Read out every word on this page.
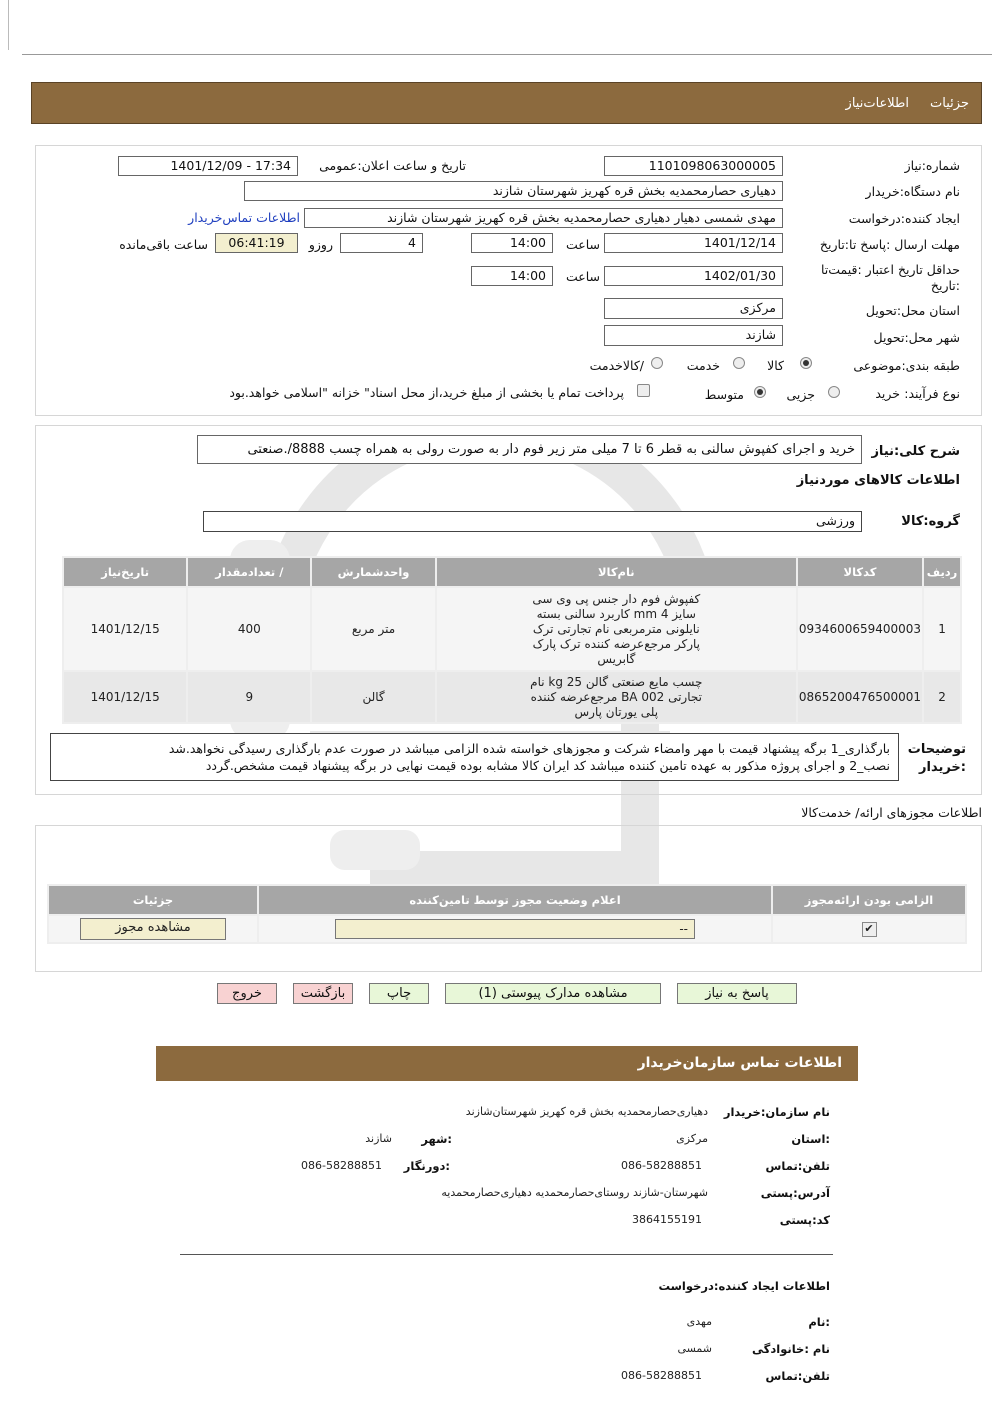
جزئیات
اطلاعات‌نیاز
شماره:نیاز
1101098063000005
تاریخ و ساعت اعلان:عمومی
1401/12/09 - 17:34
نام دستگاه:خریدار
دهیاری حصارمحمدیه بخش قره کهریز شهرستان شازند
ایجاد کننده:درخواست
مهدی شمسی دهیار دهیاری حصارمحمدیه بخش قره کهریز شهرستان شازند
اطلاعات تماس‌خریدار
مهلت ارسال :پاسخ تا:تاریخ
1401/12/14
ساعت
14:00
4
روزو
06:41:19
ساعت باقی‌مانده
حداقل تاریخ اعتبار :قیمت‌تا
:تاریخ
1402/01/30
ساعت
14:00
استان محل:تحویل
مرکزی
شهر محل:تحویل
شازند
طبقه بندی:موضوعی
کالا
خدمت
/کالاخدمت
نوع فرآیند:
خرید
جزیی
متوسط
پرداخت تمام یا بخشی از مبلغ خرید،از محل اسناد" خزانه "اسلامی خواهد.بود
شرح کلی:نیاز
خرید و اجرای کفپوش سالنی به قطر 6 تا 7 میلی متر زیر فوم دار به صورت رولی به همراه چسب 8888/.صنعتی
اطلاعات کالاهای موردنیاز
گروه:کالا
ورزشی
ردیف	کدکالا	نام‌کالا	واحدشمارش	/ تعدادمقدار	تاریخ‌نیاز
1	0934600659400003	کفپوش فوم دار جنس پی وی سی سایز 4 mm کاربرد سالنی بسته نایلونی مترمربعی نام تجارتی ترک پارکر مرجع‌عرضه کننده ترک پارک گابریس	متر مربع	400	1401/12/15
2	0865200476500001	چسب مایع صنعتی گالن 25 kg نام تجارتی BA 002 مرجع‌عرضه کننده پلی یورتان پارس	گالن	9	1401/12/15
توضیحات
:خریدار
بارگذاری_1 برگه پیشنهاد قیمت با مهر وامضاء شرکت و مجوزهای خواسته شده الزامی میباشد در صورت عدم بارگذاری رسیدگی نخواهد.شد
نصب_2 و اجرای پروژه مذکور به عهده تامین کننده میباشد کد ایران کالا مشابه بوده قیمت نهایی در برگه پیشنهاد قیمت مشخص.گردد
اطلاعات مجوزهای ارائه/ خدمت‌کالا
الزامی بودن ارائه‌مجوز	اعلام وضعیت مجوز توسط تامین‌کننده	جزئیات
✔	--	مشاهده مجوز
پاسخ به نیاز
مشاهده مدارک پیوستی (1)
چاپ
بازگشت
خروج
اطلاعات تماس سازمان‌خریدار
نام سازمان:خریدار
دهیاری‌حصارمحمدیه بخش قره کهریز شهرستان‌شازند
:استان
مرکزی
:شهر
شازند
تلفن:تماس
086-58288851
:دورنگار
086-58288851
آدرس:پستی
شهرستان-شازند روستای‌حصارمحمدیه دهیاری‌حصارمحمدیه
کد:پستی
3864155191
اطلاعات ایجاد کننده:درخواست
:نام
مهدی
نام :خانوادگی
شمسی
تلفن:تماس
086-58288851
